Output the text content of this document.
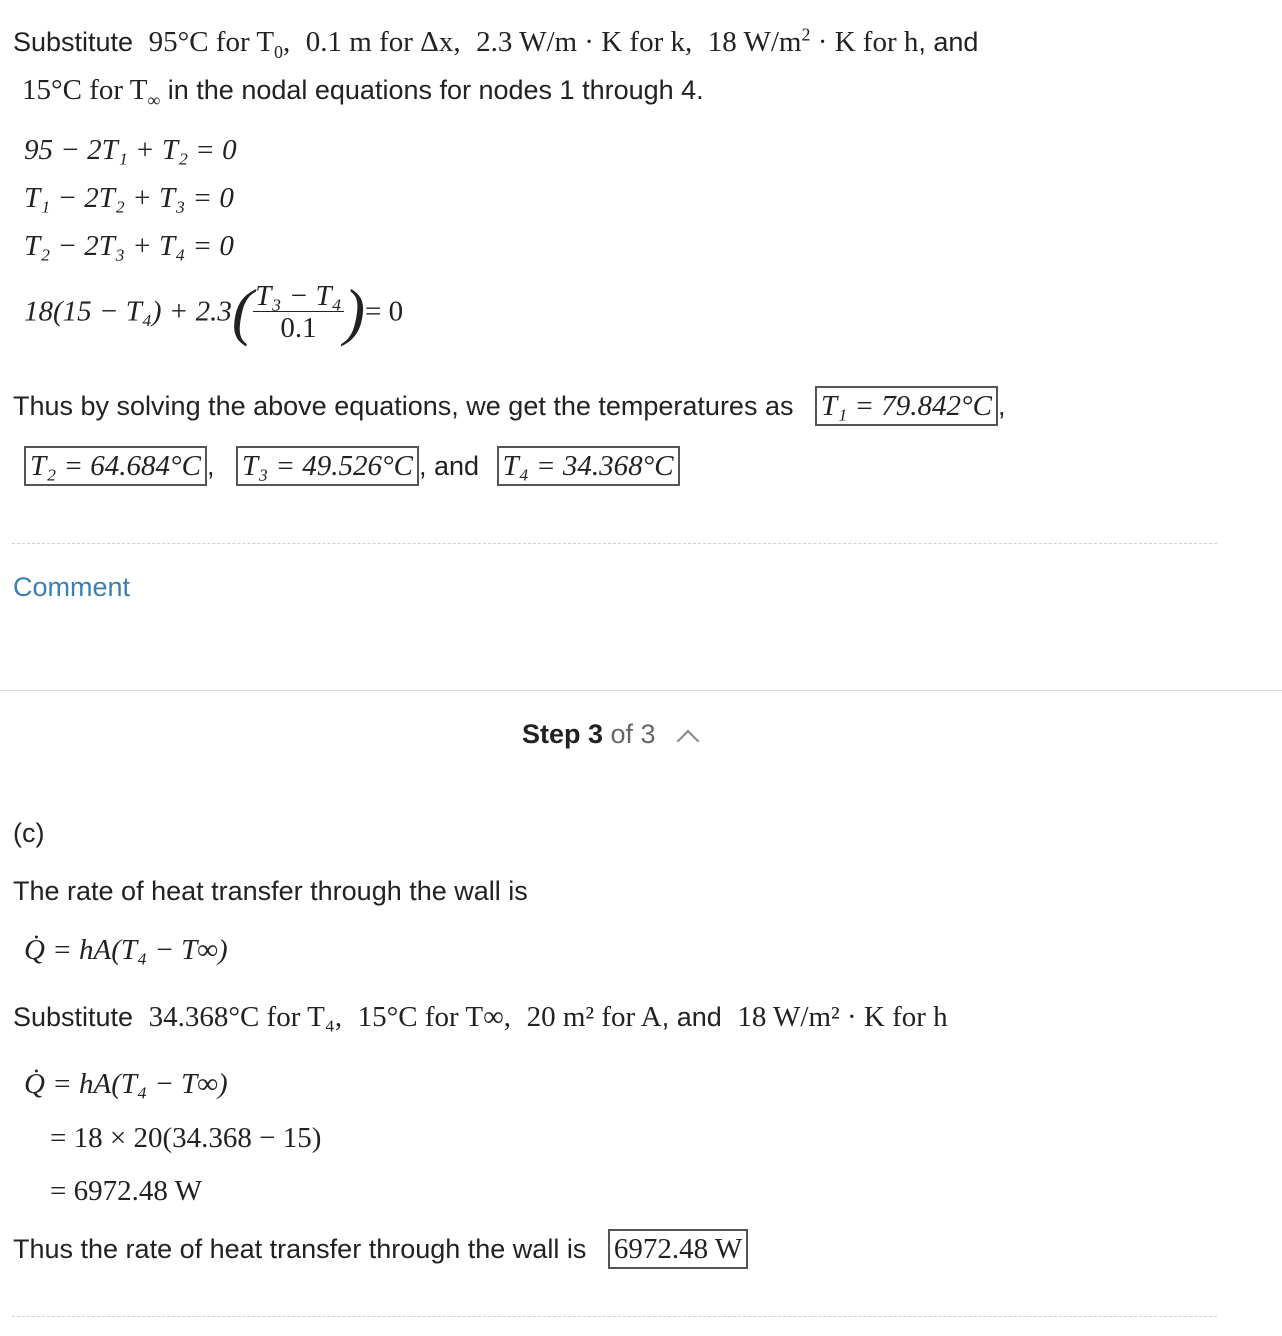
Substitute 95°C for $T_0$, 0.1 m for Δx, 2.3 W/m · K for k, 18 $W/m^2 \cdot K$ for h, and
15°C for $T_\infty$ in the nodal equations for nodes 1 through 4.
95 − 2T₁ + T₂ = 0
T₁ − 2T₂ + T₃ = 0
T₂ − 2T₃ + T₄ = 0
$18(15 - T_4) + 2.3( \frac{\text{T₃ − T₄}}{0.1}$ )= 0
Thus by solving the above equations, we get the temperatures as T₁ = 79.842°C ,
T₂ = 64.684°C , T₃ = 49.526°C , and T₄ = 34.368°C
Comment
Step 3 of 3
(c)
The rate of heat transfer through the wall is
Q̇ = hA(T₄ − T∞)
Substitute 34.368°C for T₄, 15°C for T∞, 20 m² for A, and 18 W/m² · K for h
Q̇ = hA(T₄ − T∞)
= 18 × 20(34.368 − 15)
= 6972.48 W
Thus the rate of heat transfer through the wall is 6972.48 W
